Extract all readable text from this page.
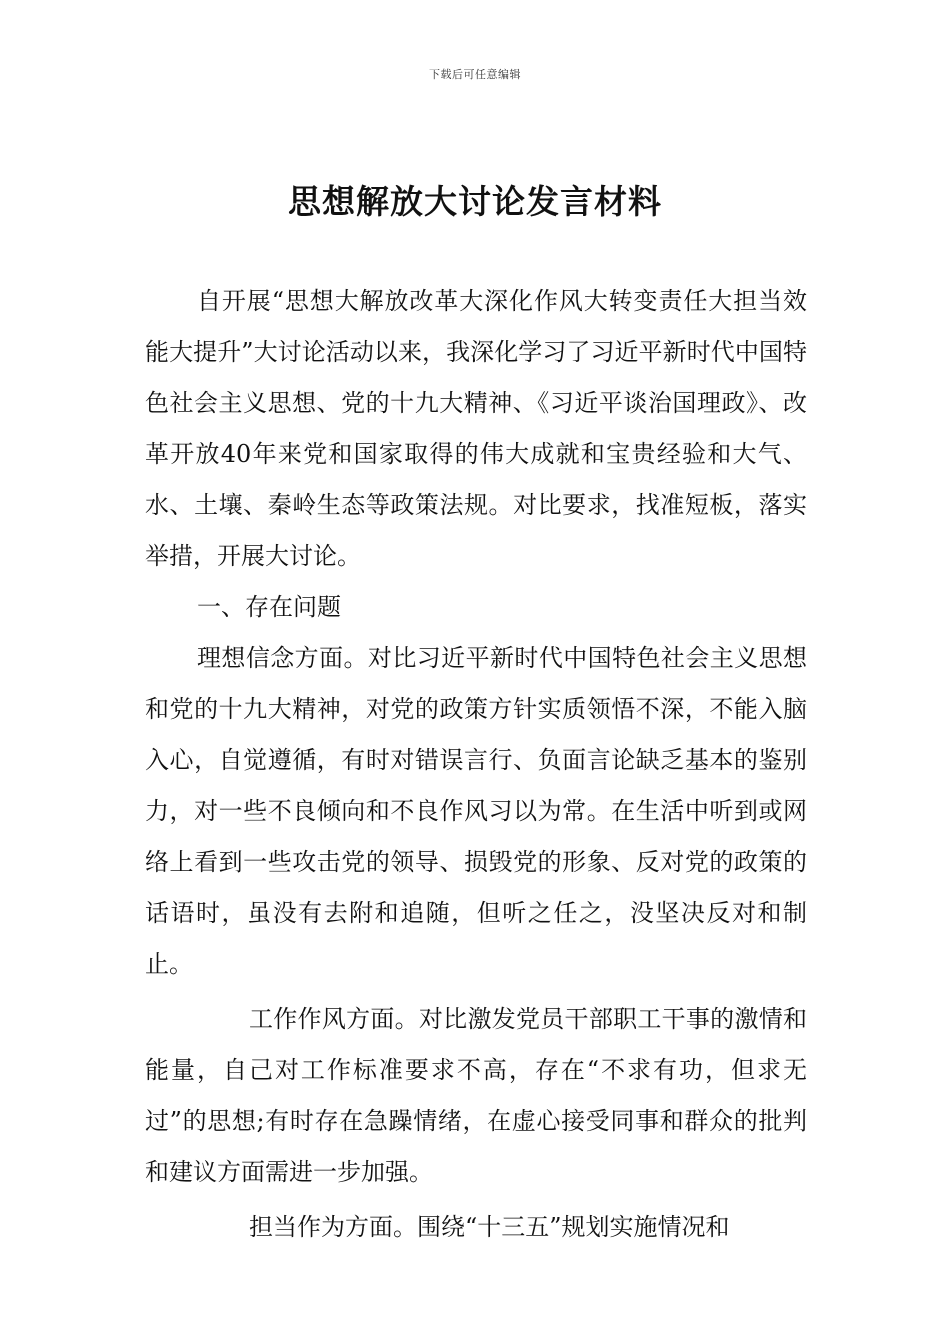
下载后可任意编辑
思想解放大讨论发言材料

自开展“思想大解放改革大深化作风大转变责任大担当效能大提升”大讨论活动以来，我深化学习了习近平新时代中国特色社会主义思想、党的十九大精神、《习近平谈治国理政》、改革开放40年来党和国家取得的伟大成就和宝贵经验和大气、水、土壤、秦岭生态等政策法规。对比要求，找准短板，落实举措，开展大讨论。

一、存在问题

理想信念方面。对比习近平新时代中国特色社会主义思想和党的十九大精神，对党的政策方针实质领悟不深，不能入脑入心，自觉遵循，有时对错误言行、负面言论缺乏基本的鉴别力，对一些不良倾向和不良作风习以为常。在生活中听到或网络上看到一些攻击党的领导、损毁党的形象、反对党的政策的话语时，虽没有去附和追随，但听之任之，没坚决反对和制止。

工作作风方面。对比激发党员干部职工干事的激情和能量，自己对工作标准要求不高，存在“不求有功，但求无过”的思想;有时存在急躁情绪，在虚心接受同事和群众的批判和建议方面需进一步加强。

担当作为方面。围绕“十三五”规划实施情况和
